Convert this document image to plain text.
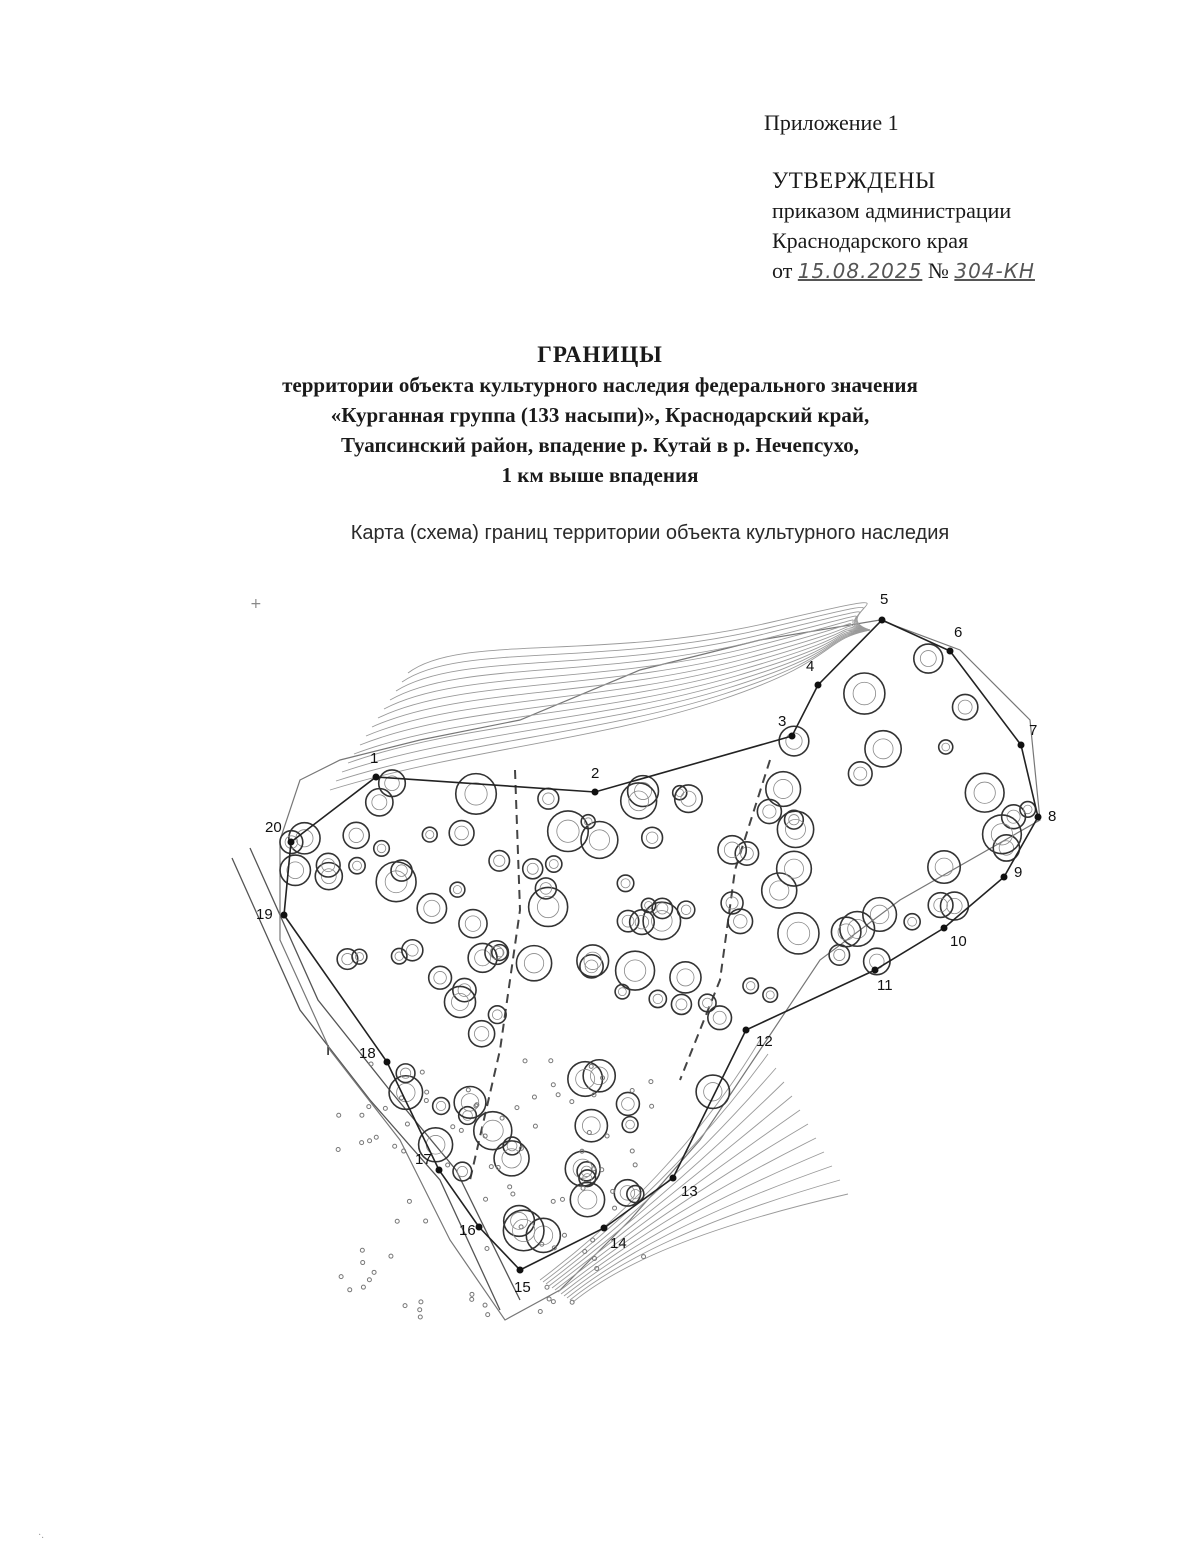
Приложение 1
УТВЕРЖДЕНЫ
приказом администрации
Краснодарского края
от 15.08.2025 № 304-КН
ГРАНИЦЫ
территории объекта культурного наследия федерального значения
«Курганная группа (133 насыпи)», Краснодарский край,
Туапсинский район, впадение р. Кутай в р. Нечепсухо,
1 км выше впадения
Карта (схема) границ территории объекта культурного наследия
+
I
1
2
3
4
5
6
7
8
9
10
11
12
13
14
15
16
17
18
19
20
·.
